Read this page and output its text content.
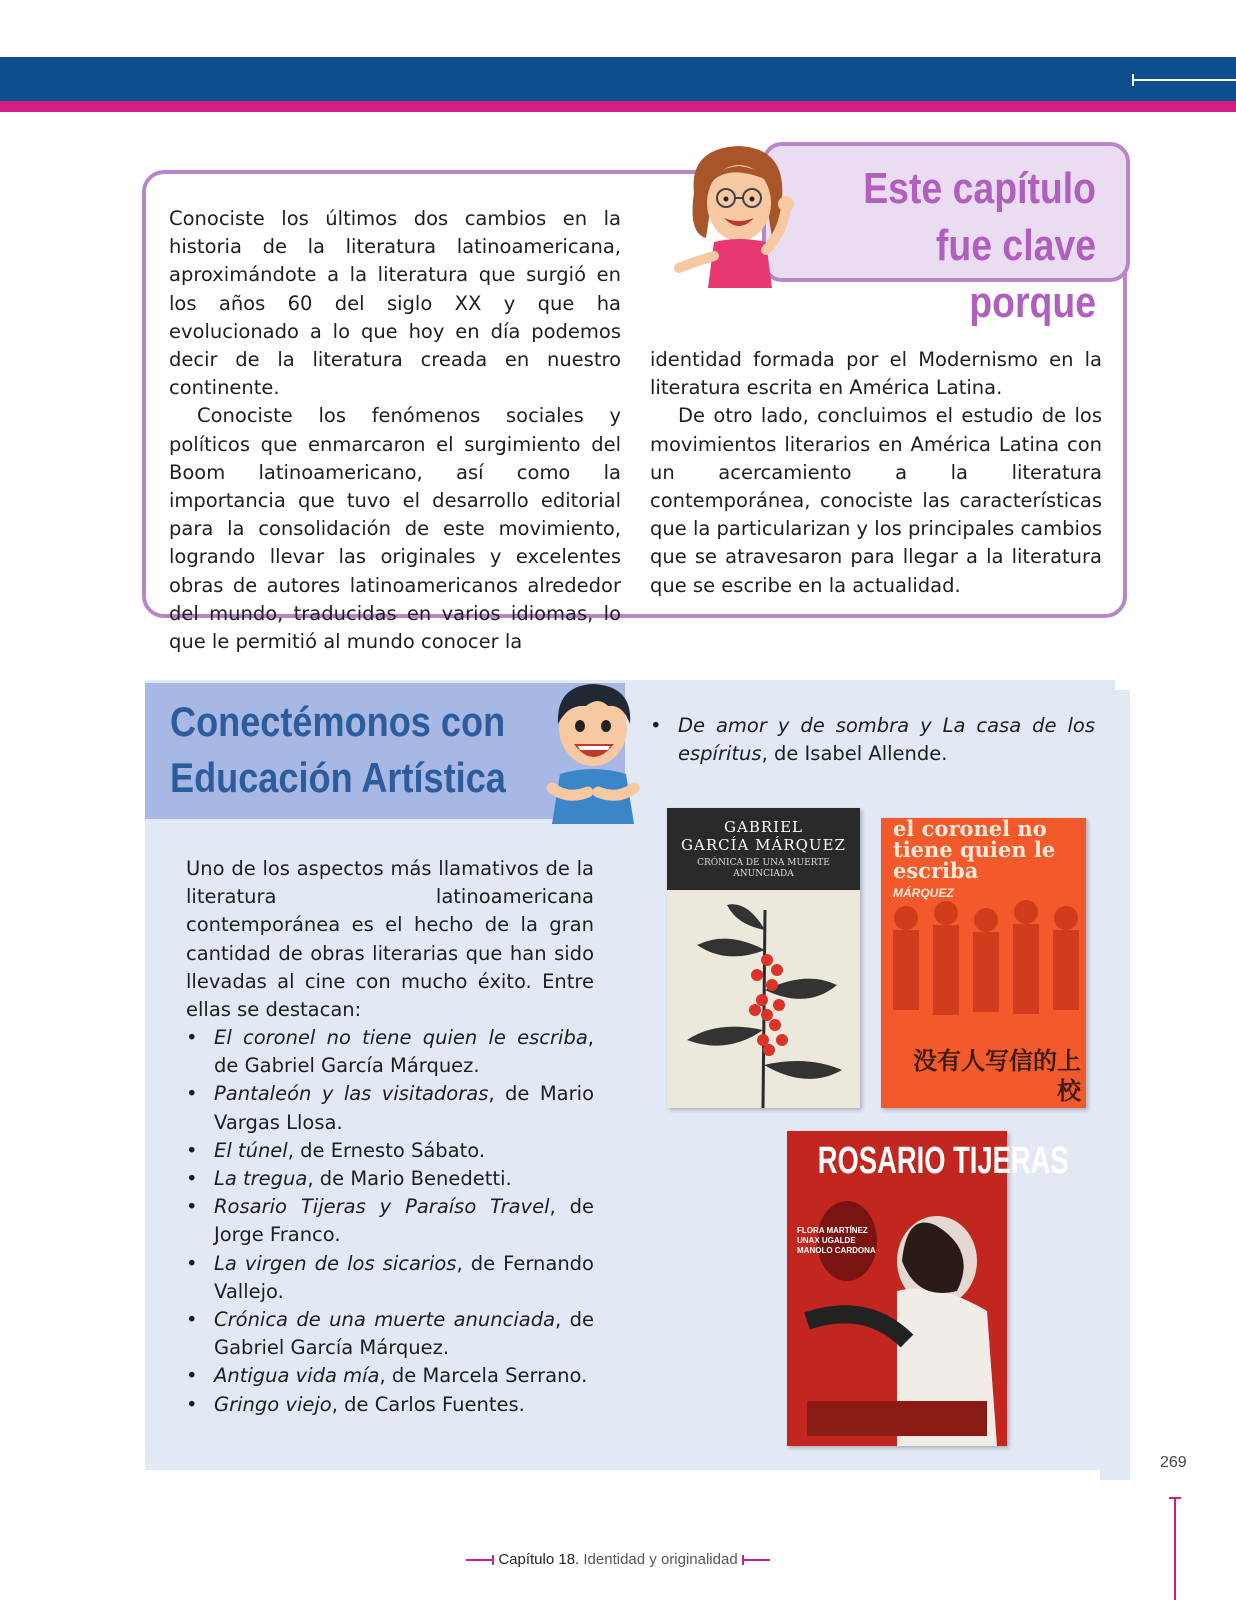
Este capítulo
fue clave porque

Conociste los últimos dos cambios en la historia de la literatura latinoamericana, aproximándote a la literatura que surgió en los años 60 del siglo XX y que ha evolucionado a lo que hoy en día podemos decir de la literatura creada en nuestro continente.

Conociste los fenómenos sociales y políticos que enmarcaron el surgimiento del Boom latinoamericano, así como la importancia que tuvo el desarrollo editorial para la consolidación de este movimiento, logrando llevar las originales y excelentes obras de autores latinoamericanos alrededor del mundo, traducidas en varios idiomas, lo que le permitió al mundo conocer la

identidad formada por el Modernismo en la literatura escrita en América Latina.

De otro lado, concluimos el estudio de los movimientos literarios en América Latina con un acercamiento a la literatura contemporánea, conociste las características que la particularizan y los principales cambios que se atravesaron para llegar a la literatura que se escribe en la actualidad.

Conectémonos con
Educación Artística

Uno de los aspectos más llamativos de la literatura latinoamericana contemporánea es el hecho de la gran cantidad de obras literarias que han sido llevadas al cine con mucho éxito. Entre ellas se destacan:

• El coronel no tiene quien le escriba, de Gabriel García Márquez.
• Pantaleón y las visitadoras, de Mario Vargas Llosa.
• El túnel, de Ernesto Sábato.
• La tregua, de Mario Benedetti.
• Rosario Tijeras y Paraíso Travel, de Jorge Franco.
• La virgen de los sicarios, de Fernando Vallejo.
• Crónica de una muerte anunciada, de Gabriel García Márquez.
• Antigua vida mía, de Marcela Serrano.
• Gringo viejo, de Carlos Fuentes.
• De amor y de sombra y La casa de los espíritus, de Isabel Allende.
GABRIEL
GARCÍA MÁRQUEZ
CRÓNICA DE UNA MUERTE ANUNCIADA
el coronel no tiene quien le escriba
MÁRQUEZ
没有人写信的上校
ROSARIO TIJERAS
FLORA MARTÍNEZ UNAX UGALDE MANOLO CARDONA
269
Capítulo 18. Identidad y originalidad
